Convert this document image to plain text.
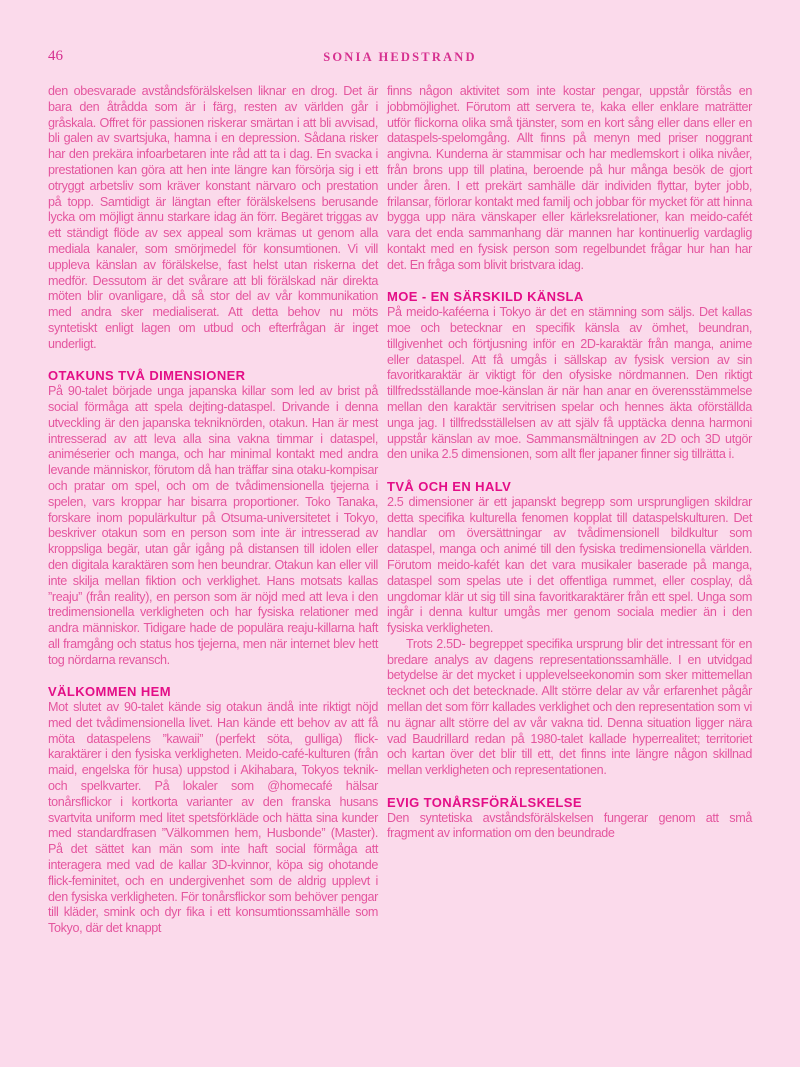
46	SONIA HEDSTRAND

den obesvarade avståndsförälskelsen liknar en drog. Det är bara den åtrådda som är i färg, resten av världen går i gråskala. Offret för passionen riskerar smärtan i att bli avvisad, bli galen av svartsjuka, hamna i en depression. Sådana risker har den prekära infoarbetaren inte råd att ta i dag. En svacka i prestationen kan göra att hen inte längre kan försörja sig i ett otryggt arbetsliv som kräver konstant närvaro och prestation på topp. Samtidigt är längtan efter förälskelsens berusande lycka om möjligt ännu starkare idag än förr. Begäret triggas av ett ständigt flöde av sex appeal som krämas ut genom alla mediala kanaler, som smörjmedel för konsumtionen. Vi vill uppleva känslan av förälskelse, fast helst utan riskerna det medför. Dessutom är det svårare att bli förälskad när direkta möten blir ovanligare, då så stor del av vår kommunikation med andra sker medialiserat. Att detta behov nu möts syntetiskt enligt lagen om utbud och efterfrågan är inget underligt.

OTAKUNS TVÅ DIMENSIONER

På 90-talet började unga japanska killar som led av brist på social förmåga att spela dejting-dataspel. Drivande i denna utveckling är den japanska tekniknörden, otakun. Han är mest intresserad av att leva alla sina vakna timmar i dataspel, animéserier och manga, och har minimal kontakt med andra levande människor, förutom då han träffar sina otaku-kompisar och pratar om spel, och om de tvådimensionella tjejerna i spelen, vars kroppar har bisarra proportioner. Toko Tanaka, forskare inom populärkultur på Otsuma-universitetet i Tokyo, beskriver otakun som en person som inte är intresserad av kroppsliga begär, utan går igång på distansen till idolen eller den digitala karaktären som hen beundrar. Otakun kan eller vill inte skilja mellan fiktion och verklighet. Hans motsats kallas ”reaju” (från reality), en person som är nöjd med att leva i den tredimensionella verkligheten och har fysiska relationer med andra människor. Tidigare hade de populära reaju-killarna haft all framgång och status hos tjejerna, men när internet blev hett tog nördarna revansch.

VÄLKOMMEN HEM

Mot slutet av 90-talet kände sig otakun ändå inte riktigt nöjd med det tvådimensionella livet. Han kände ett behov av att få möta dataspelens ”kawaii” (perfekt söta, gulliga) flick-karaktärer i den fysiska verkligheten. Meido-café-kulturen (från maid, engelska för husa) uppstod i Akihabara, Tokyos teknik- och spelkvarter. På lokaler som @homecafé hälsar tonårsflickor i kortkorta varianter av den franska husans svartvita uniform med litet spetsförkläde och hätta sina kunder med standardfrasen ”Välkommen hem, Husbonde” (Master). På det sättet kan män som inte haft social förmåga att interagera med vad de kallar 3D-kvinnor, köpa sig ohotande flick-feminitet, och en undergivenhet som de aldrig upplevt i den fysiska verkligheten. För tonårsflickor som behöver pengar till kläder, smink och dyr fika i ett konsumtionssamhälle som Tokyo, där det knappt

finns någon aktivitet som inte kostar pengar, uppstår förstås en jobbmöjlighet. Förutom att servera te, kaka eller enklare maträtter utför flickorna olika små tjänster, som en kort sång eller dans eller en dataspels-spelomgång. Allt finns på menyn med priser noggrant angivna. Kunderna är stammisar och har medlemskort i olika nivåer, från brons upp till platina, beroende på hur många besök de gjort under åren. I ett prekärt samhälle där individen flyttar, byter jobb, frilansar, förlorar kontakt med familj och jobbar för mycket för att hinna bygga upp nära vänskaper eller kärleksrelationer, kan meido-cafét vara det enda sammanhang där mannen har kontinuerlig vardaglig kontakt med en fysisk person som regelbundet frågar hur han har det. En fråga som blivit bristvara idag.

MOE - EN SÄRSKILD KÄNSLA

På meido-kaféerna i Tokyo är det en stämning som säljs. Det kallas moe och betecknar en specifik känsla av ömhet, beundran, tillgivenhet och förtjusning inför en 2D-karaktär från manga, anime eller dataspel. Att få umgås i sällskap av fysisk version av sin favoritkaraktär är viktigt för den ofysiske nördmannen. Den riktigt tillfredsställande moe-känslan är när han anar en överensstämmelse mellan den karaktär servitrisen spelar och hennes äkta oförställda unga jag. I tillfredsställelsen av att själv få upptäcka denna harmoni uppstår känslan av moe. Sammansmältningen av 2D och 3D utgör den unika 2.5 dimensionen, som allt fler japaner finner sig tillrätta i.

TVÅ OCH EN HALV

2.5 dimensioner är ett japanskt begrepp som ursprungligen skildrar detta specifika kulturella fenomen kopplat till dataspelskulturen. Det handlar om översättningar av tvådimensionell bildkultur som dataspel, manga och animé till den fysiska tredimensionella världen. Förutom meido-kafét kan det vara musikaler baserade på manga, dataspel som spelas ute i det offentliga rummet, eller cosplay, då ungdomar klär ut sig till sina favoritkaraktärer från ett spel. Unga som ingår i denna kultur umgås mer genom sociala medier än i den fysiska verkligheten.

Trots 2.5D- begreppet specifika ursprung blir det intressant för en bredare analys av dagens representationssamhälle. I en utvidgad betydelse är det mycket i upplevelseekonomin som sker mittemellan tecknet och det betecknade. Allt större delar av vår erfarenhet pågår mellan det som förr kallades verklighet och den representation som vi nu ägnar allt större del av vår vakna tid. Denna situation ligger nära vad Baudrillard redan på 1980-talet kallade hyperrealitet; territoriet och kartan över det blir till ett, det finns inte längre någon skillnad mellan verkligheten och representationen.

EVIG TONÅRSFÖRÄLSKELSE

Den syntetiska avståndsförälskelsen fungerar genom att små fragment av information om den beundrade
